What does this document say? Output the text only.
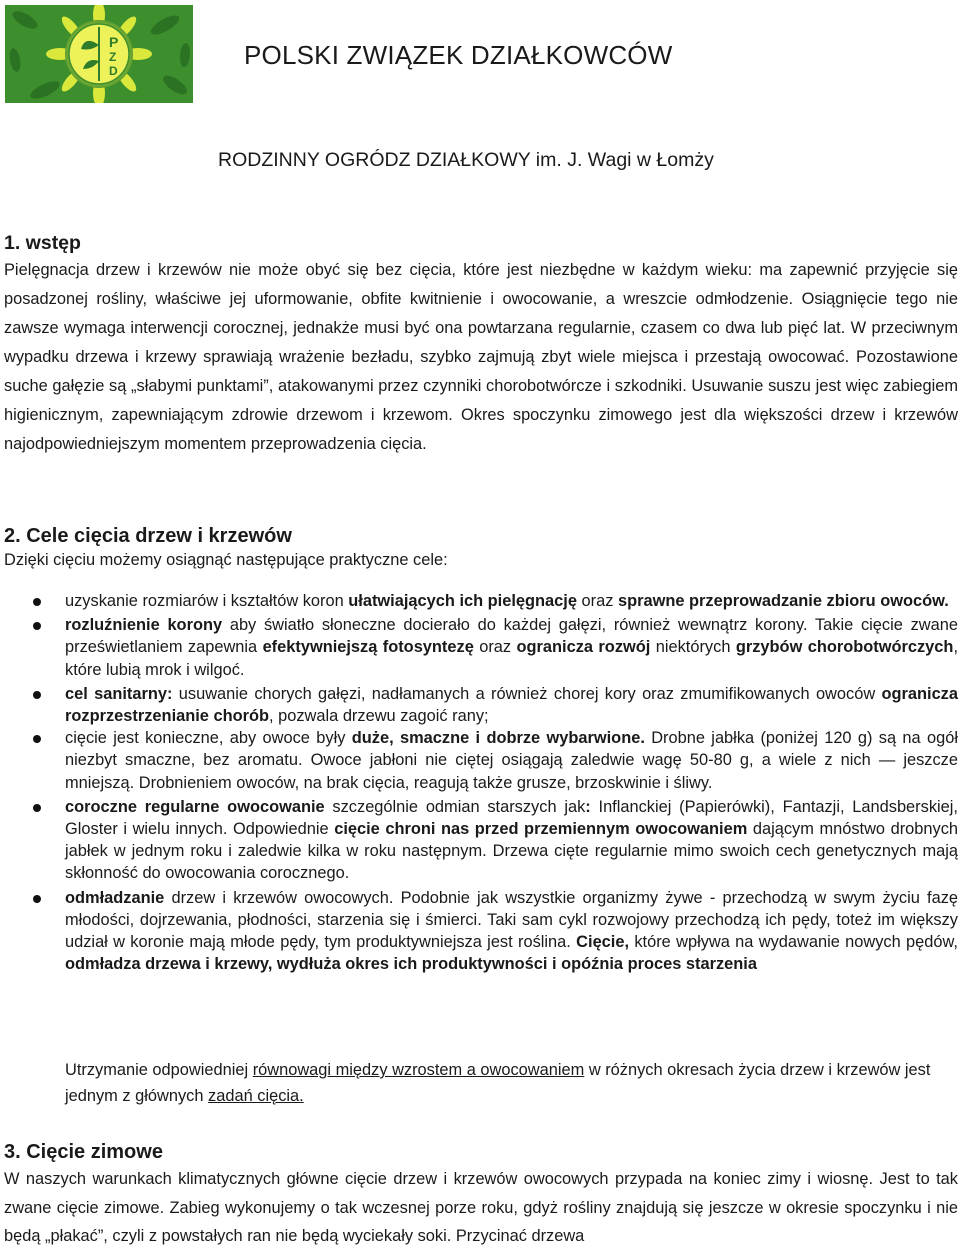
P
Z
D
POLSKI ZWIĄZEK DZIAŁKOWCÓW
RODZINNY OGRÓDZ DZIAŁKOWY im. J. Wagi w Łomży
1. wstęp

Pielęgnacja drzew i krzewów nie może obyć się bez cięcia, które jest niezbędne w każdym wieku: ma zapewnić przyjęcie się posadzonej rośliny, właściwe jej uformowanie, obfite kwitnienie i owocowanie, a wreszcie odmłodzenie. Osiągnięcie tego nie zawsze wymaga interwencji corocznej, jednakże musi być ona powtarzana regularnie, czasem co dwa lub pięć lat. W przeciwnym wypadku drzewa i krzewy sprawiają wrażenie bezładu, szybko zajmują zbyt wiele miejsca i przestają owocować. Pozostawione suche gałęzie są „słabymi punktami”, atakowanymi przez czynniki chorobotwórcze i szkodniki. Usuwanie suszu jest więc zabiegiem higienicznym, zapewniającym zdrowie drzewom i krzewom. Okres spoczynku zimowego jest dla większości drzew i krzewów najodpowiedniejszym momentem przeprowadzenia cięcia.

2. Cele cięcia drzew i krzewów
Dzięki cięciu możemy osiągnąć następujące praktyczne cele:
uzyskanie rozmiarów i kształtów koron ułatwiających ich pielęgnację oraz sprawne przeprowadzanie zbioru owoców.
rozluźnienie korony aby światło słoneczne docierało do każdej gałęzi, również wewnątrz korony. Takie cięcie zwane prześwietlaniem zapewnia efektywniejszą fotosyntezę oraz ogranicza rozwój niektórych grzybów chorobotwórczych, które lubią mrok i wilgoć.
cel sanitarny: usuwanie chorych gałęzi, nadłamanych a również chorej kory oraz zmumifikowanych owoców ogranicza rozprzestrzenianie chorób, pozwala drzewu zagoić rany;
cięcie jest konieczne, aby owoce były duże, smaczne i dobrze wybarwione. Drobne jabłka (poniżej 120 g) są na ogół niezbyt smaczne, bez aromatu. Owoce jabłoni nie ciętej osiągają zaledwie wagę 50-80 g, a wiele z nich — jeszcze mniejszą. Drobnieniem owoców, na brak cięcia, reagują także grusze, brzoskwinie i śliwy.
coroczne regularne owocowanie szczególnie odmian starszych jak: Inflanckiej (Papierówki), Fantazji, Landsberskiej, Gloster i wielu innych. Odpowiednie cięcie chroni nas przed przemiennym owocowaniem dającym mnóstwo drobnych jabłek w jednym roku i zaledwie kilka w roku następnym. Drzewa cięte regularnie mimo swoich cech genetycznych mają skłonność do owocowania corocznego.
odmładzanie drzew i krzewów owocowych. Podobnie jak wszystkie organizmy żywe - przechodzą w swym życiu fazę młodości, dojrzewania, płodności, starzenia się i śmierci. Taki sam cykl rozwojowy przechodzą ich pędy, toteż im większy udział w koronie mają młode pędy, tym produktywniejsza jest roślina. Cięcie, które wpływa na wydawanie nowych pędów, odmładza drzewa i krzewy, wydłuża okres ich produktywności i opóźnia proces starzenia
Utrzymanie odpowiedniej równowagi między wzrostem a owocowaniem w różnych okresach życia drzew i krzewów jest jednym z głównych zadań cięcia.
3. Cięcie zimowe

W naszych warunkach klimatycznych główne cięcie drzew i krzewów owocowych przypada na koniec zimy i wiosnę. Jest to tak zwane cięcie zimowe. Zabieg wykonujemy o tak wczesnej porze roku, gdyż rośliny znajdują się jeszcze w okresie spoczynku i nie będą „płakać”, czyli z powstałych ran nie będą wyciekały soki. Przycinać drzewa
